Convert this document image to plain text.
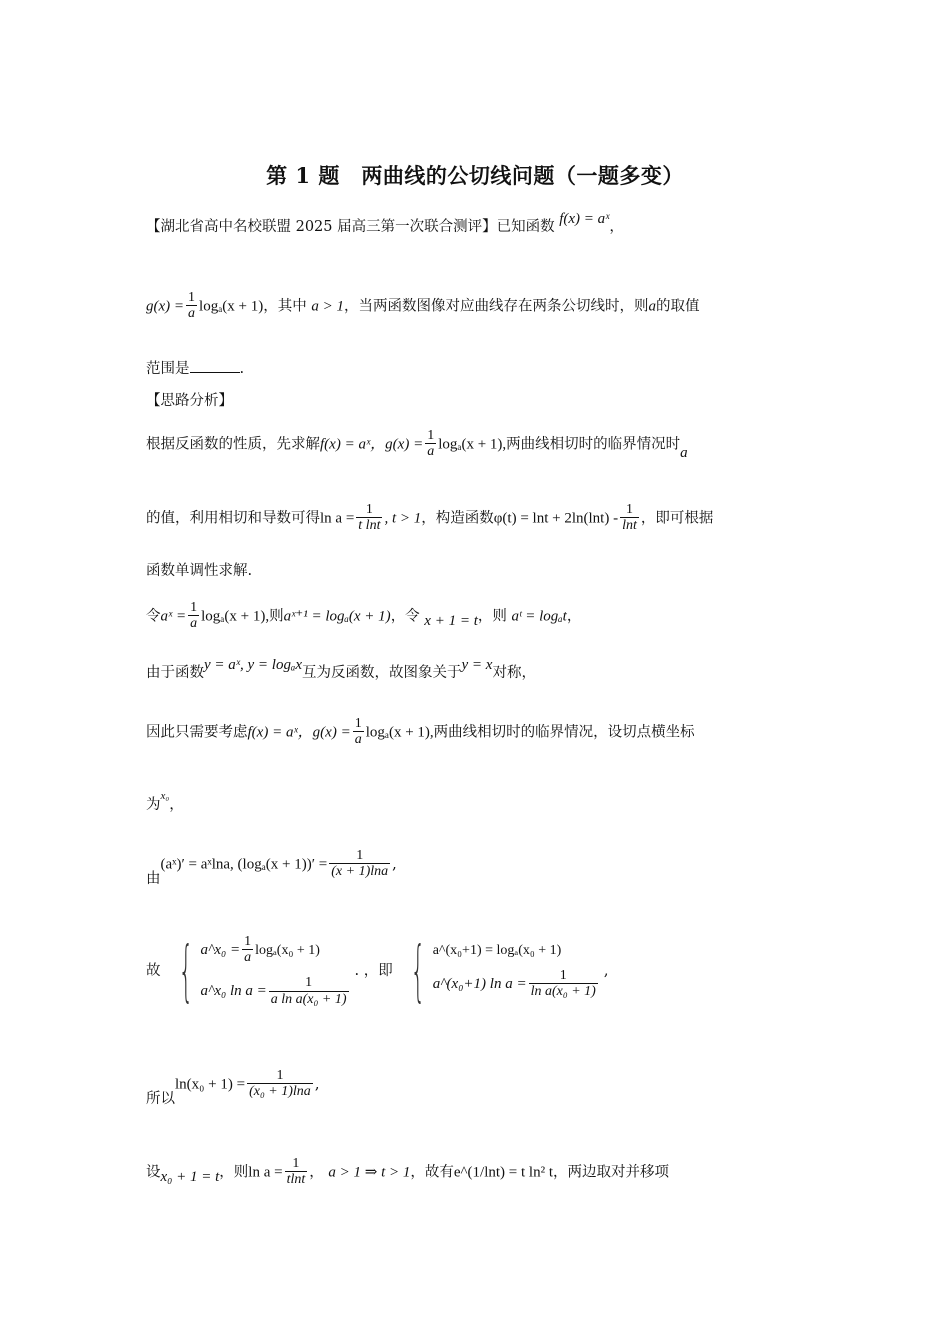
第 1 题　两曲线的公切线问题（一题多变）
【湖北省高中名校联盟 2025 届高三第一次联合测评】已知函数 f(x) = aˣ，
$g(x) = \frac{1}{a} \log_a(x + 1)$，其中 a > 1，当两函数图像对应曲线存在两条公切线时，则a的取值
范围是	.
【思路分析】
根据反函数的性质，先求解f(x) = aˣ，$g(x) = \frac{1}{a} \log_a(x + 1)$,两曲线相切时的临界情况时a
的值，利用相切和导数可得$\ln a = \frac{1}{\text{t lnt}}$ , t > 1，构造函数$\varphi(t) = \ln t + 2\ln(\ln t) - \frac{1}{\ln t}$ ，即可根据
函数单调性求解.
令aˣ = $\frac{1}{a} \log_a(x + 1)$,则aˣ⁺¹ = logₐ(x + 1)，令 x + 1 = t，则 aᵗ = logₐt，
由于函数y = aˣ, y = logₐx互为反函数，故图象关于y = x对称，
因此只需要考虑f(x) = aˣ，$g(x) = \frac{1}{a} \log_a(x + 1)$,两曲线相切时的临界情况，设切点横坐标
为$^{x_0}$，
由(aˣ)′ = aˣlna, $(\log_a(x + 1))' = \frac{1}{(x + 1)\ln a}$ ,
故 { a^x₀ = $\frac{1}{a} \log_a(x_0 + 1)$
a^x₀ $\ln a = \frac{1}{\text{a ln a(x₀ + 1)}}$
. ，即 { a^(x₀+1) = logₐ(x₀ + 1)
a^(x₀+1) $\ln a = \frac{1}{\text{ln a(x₀ + 1)}}$ ,
所以$\ln(x_0 + 1) = \frac{1}{\text{(x₀ + 1)lna}}$ ,
设x₀ + 1 = t，则$\ln a = \frac{1}{tlnt}$ ， a > 1 ⇒ t > 1，故有e^(1/lnt) = t ln² t，两边取对并移项
